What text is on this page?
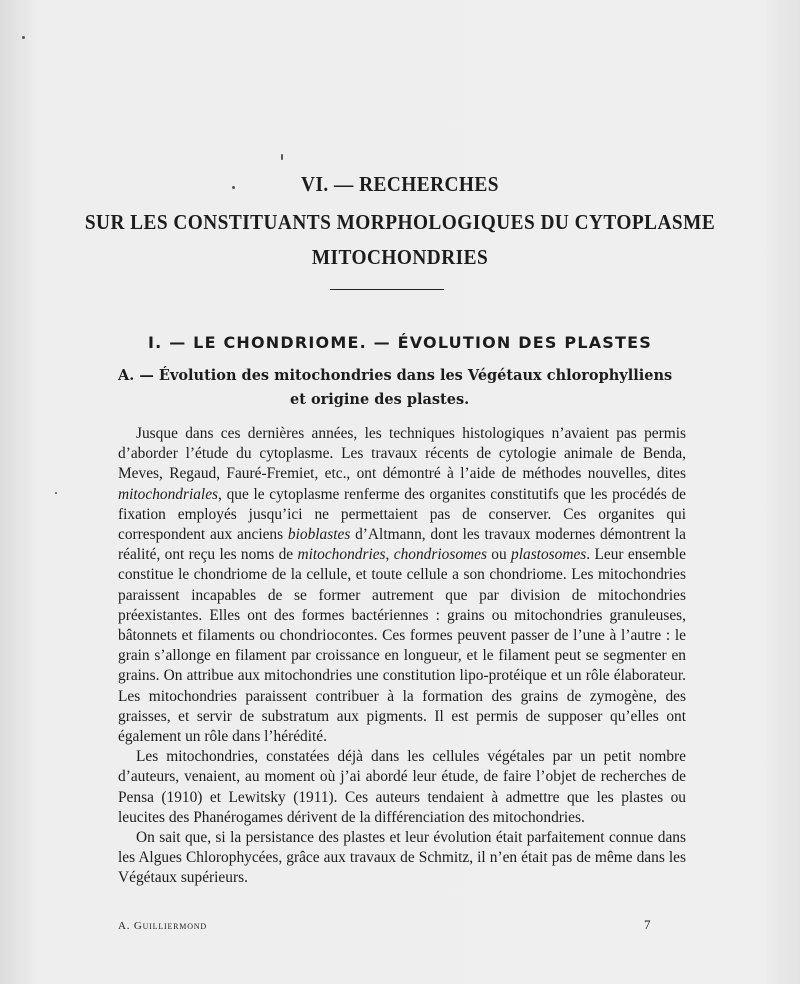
VI. — RECHERCHES
SUR LES CONSTITUANTS MORPHOLOGIQUES DU CYTOPLASME
MITOCHONDRIES
I. — LE CHONDRIOME. — ÉVOLUTION DES PLASTES
A. — Évolution des mitochondries dans les Végétaux chlorophylliens
et origine des plastes.

Jusque dans ces dernières années, les techniques histologiques n’avaient pas permis d’aborder l’étude du cytoplasme. Les travaux récents de cytologie animale de Benda, Meves, Regaud, Fauré-Fremiet, etc., ont démontré à l’aide de méthodes nouvelles, dites mitochondriales, que le cytoplasme renferme des organites constitutifs que les procédés de fixation employés jusqu’ici ne permettaient pas de conserver. Ces organites qui correspondent aux anciens bioblastes d’Altmann, dont les travaux modernes démontrent la réalité, ont reçu les noms de mitochondries, chondriosomes ou plastosomes. Leur ensemble constitue le chondriome de la cellule, et toute cellule a son chondriome. Les mitochondries paraissent incapables de se former autrement que par division de mitochondries préexistantes. Elles ont des formes bactériennes : grains ou mitochondries granuleuses, bâtonnets et filaments ou chondriocontes. Ces formes peuvent passer de l’une à l’autre : le grain s’allonge en filament par croissance en longueur, et le filament peut se segmenter en grains. On attribue aux mitochondries une constitution lipo-protéique et un rôle élaborateur. Les mitochondries paraissent contribuer à la formation des grains de zymogène, des graisses, et servir de substratum aux pigments. Il est permis de supposer qu’elles ont également un rôle dans l’hérédité.

Les mitochondries, constatées déjà dans les cellules végétales par un petit nombre d’auteurs, venaient, au moment où j’ai abordé leur étude, de faire l’objet de recherches de Pensa (1910) et Lewitsky (1911). Ces auteurs tendaient à admettre que les plastes ou leucites des Phanérogames dérivent de la différenciation des mitochondries.

On sait que, si la persistance des plastes et leur évolution était parfaitement connue dans les Algues Chlorophycées, grâce aux travaux de Schmitz, il n’en était pas de même dans les Végétaux supérieurs.

A. Guilliermond	7
